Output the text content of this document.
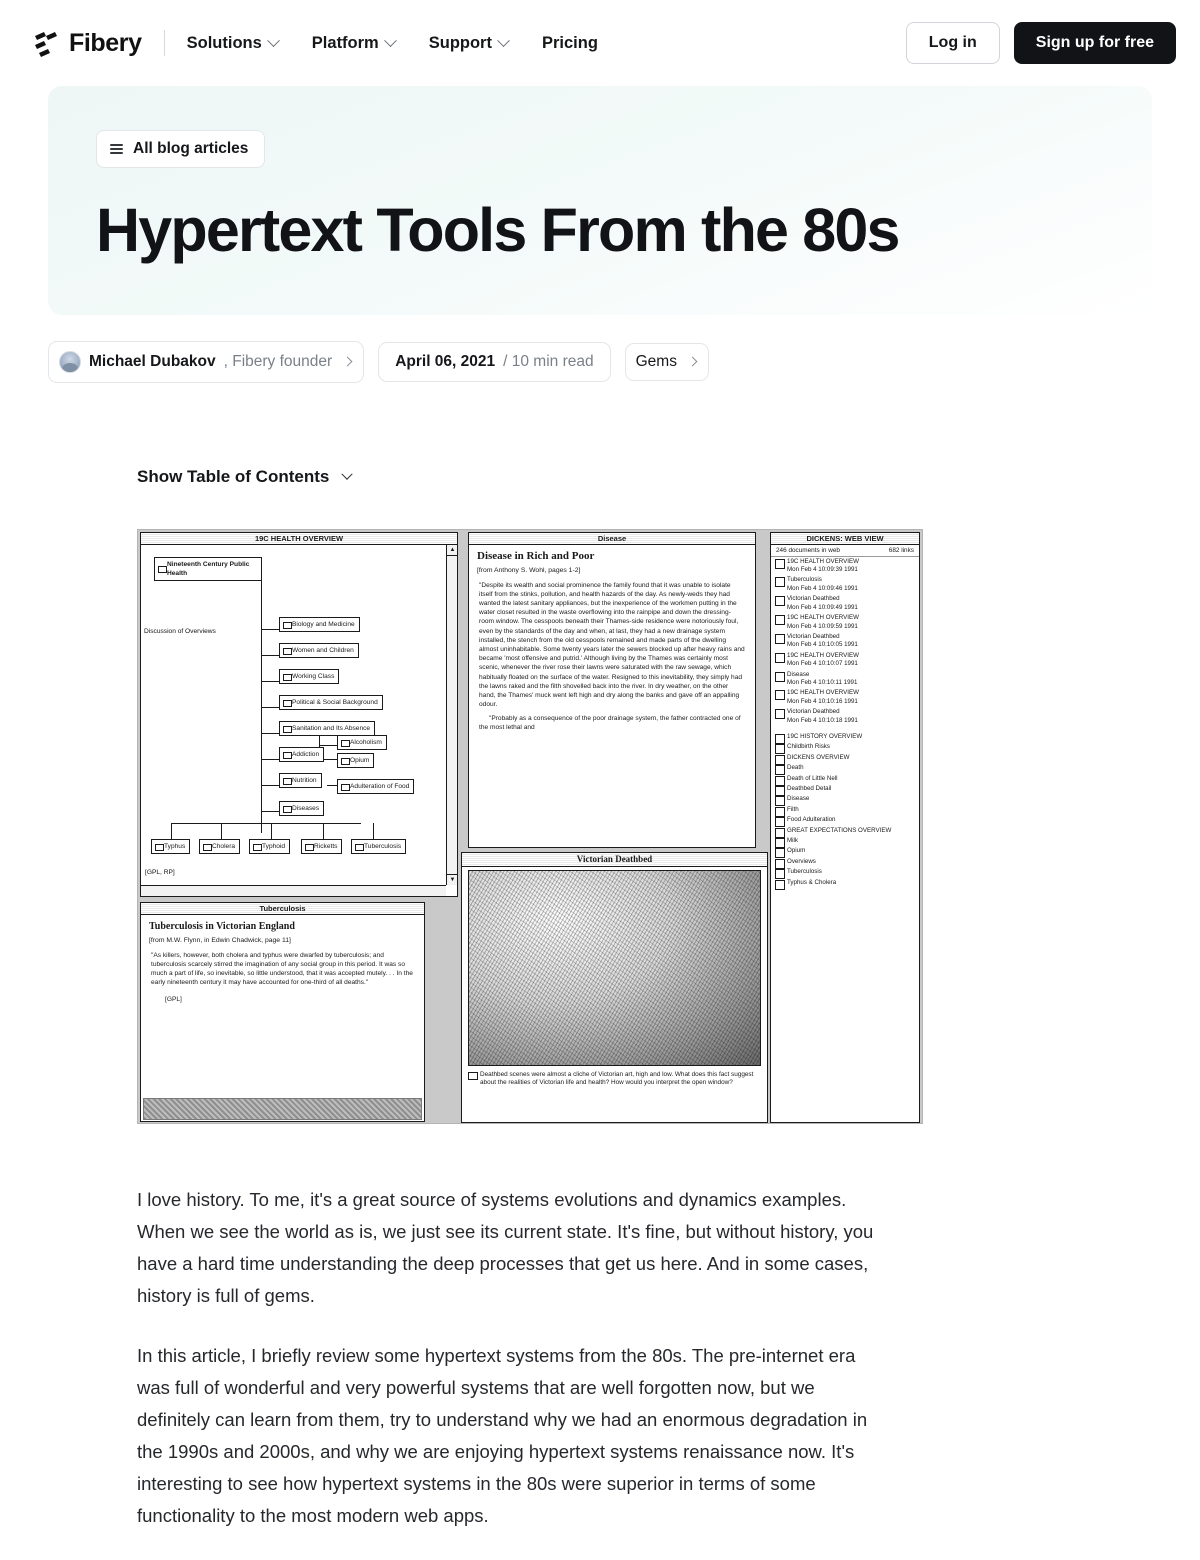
Fibery	Solutions	Platform	Support	Pricing	Log in	Sign up for free
All blog articles
Hypertext Tools From the 80s
Michael Dubakov , Fibery founder	April 06, 2021 / 10 min read	Gems
Show Table of Contents
19C HEALTH OVERVIEW
Nineteenth Century Public Health
Discussion of Overviews
Biology and Medicine
Women and Children
Working Class
Political & Social Background
Sanitation and Its Absence
Addiction
Alcoholism
Opium
Nutrition
Adulteration of Food
Diseases
Typhus	Cholera	Typhoid	Ricketts	Tuberculosis
[GPL, RP]
▲
▼
Tuberculosis
Tuberculosis in Victorian England
[from M.W. Flynn, in Edwin Chadwick, page 11]
"As killers, however, both cholera and typhus were dwarfed by tuberculosis; and tuberculosis scarcely stirred the imagination of any social group in this period. It was so much a part of life, so inevitable, so little understood, that it was accepted mutely. . . In the early nineteenth century it may have accounted for one-third of all deaths."
[GPL]
Disease
Disease in Rich and Poor
[from Anthony S. Wohl, pages 1-2]
"Despite its wealth and social prominence the family found that it was unable to isolate itself from the stinks, pollution, and health hazards of the day. As newly-weds they had wanted the latest sanitary appliances, but the inexperience of the workmen putting in the water closet resulted in the waste overflowing into the rainpipe and down the dressing-room window. The cesspools beneath their Thames-side residence were notoriously foul, even by the standards of the day and when, at last, they had a new drainage system installed, the stench from the old cesspools remained and made parts of the dwelling almost uninhabitable. Some twenty years later the sewers blocked up after heavy rains and became 'most offensive and putrid.' Although living by the Thames was certainly most scenic, whenever the river rose their lawns were saturated with the raw sewage, which habitually floated on the surface of the water. Resigned to this inevitability, they simply had the lawns raked and the filth shovelled back into the river. In dry weather, on the other hand, the Thames' muck went left high and dry along the banks and gave off an appalling odour.
"Probably as a consequence of the poor drainage system, the father contracted one of the most lethal and
Victorian Deathbed
Deathbed scenes were almost a cliche of Victorian art, high and low. What does this fact suggest about the realities of Victorian life and health? How would you interpret the open window?
DICKENS: WEB VIEW
246 documents in web	682 links
19C HEALTH OVERVIEW
Mon Feb 4 10:09:39 1991
Tuberculosis
Mon Feb 4 10:09:46 1991
Victorian Deathbed
Mon Feb 4 10:09:49 1991
19C HEALTH OVERVIEW
Mon Feb 4 10:09:59 1991
Victorian Deathbed
Mon Feb 4 10:10:05 1991
19C HEALTH OVERVIEW
Mon Feb 4 10:10:07 1991
Disease
Mon Feb 4 10:10:11 1991
19C HEALTH OVERVIEW
Mon Feb 4 10:10:16 1991
Victorian Deathbed
Mon Feb 4 10:10:18 1991
19C HISTORY OVERVIEW
Childbirth Risks
DICKENS OVERVIEW
Death
Death of Little Nell
Deathbed Detail
Disease
Filth
Food Adulteration
GREAT EXPECTATIONS OVERVIEW
Milk
Opium
Overviews
Tuberculosis
Typhus & Cholera

I love history. To me, it's a great source of systems evolutions and dynamics examples. When we see the world as is, we just see its current state. It's fine, but without history, you have a hard time understanding the deep processes that get us here. And in some cases, history is full of gems.

In this article, I briefly review some hypertext systems from the 80s. The pre-internet era was full of wonderful and very powerful systems that are well forgotten now, but we definitely can learn from them, try to understand why we had an enormous degradation in the 1990s and 2000s, and why we are enjoying hypertext systems renaissance now. It's interesting to see how hypertext systems in the 80s were superior in terms of some functionality to the most modern web apps.
